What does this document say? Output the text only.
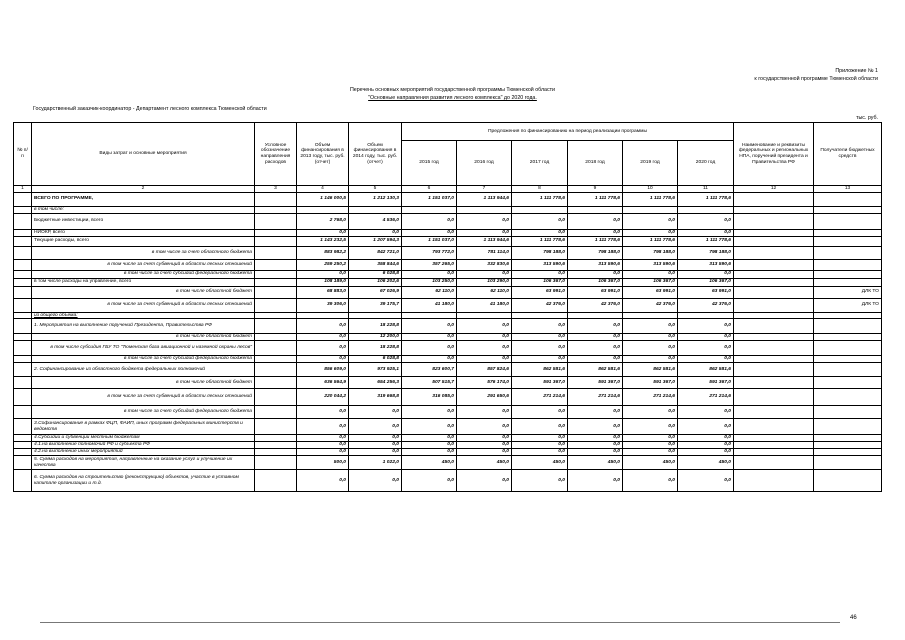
Приложение № 1
к государственной программе Тюменской области
Перечень основных мероприятий государственной программы Тюменской области
"Основные направления развития лесного комплекса" до 2020 года.
Государственный заказчик-координатор - Департамент лесного комплекса Тюменской области
тыс. руб.
№ п/п	Виды затрат и основные мероприятия	Условное обозначение направления расходов	Объем финансирования в 2013 году, тыс. руб. (отчет)	Объем финансирования в 2014 году, тыс. руб. (отчет)	Предложения по финансированию на период реализации программы						Наименование и реквизиты федеральных и региональных НПА, поручений президента и Правительства РФ	Получатели бюджетных средств
					2015 год	2016 год	2017 год	2018 год	2019 год	2020 год		
1	2	3	4	5	6	7	8	9	10	11	12	13
	ВСЕГО ПО ПРОГРАММЕ,		1 146 000,5	1 212 130,3	1 151 037,0	1 113 944,6	1 111 778,6	1 111 778,6	1 111 778,6	1 111 778,6		
	в том числе:											
	Бюджетные инвестиции, всего		2 768,0	4 536,0	0,0	0,0	0,0	0,0	0,0	0,0		
	НИОКР, всего		0,0	0,0	0,0	0,0	0,0	0,0	0,0	0,0		
	Текущие расходы, всего		1 143 232,5	1 207 594,3	1 151 037,0	1 113 944,6	1 111 778,6	1 111 778,6	1 111 778,6	1 111 778,6		
	в том числе за счет областного бюджета		883 982,2	842 721,0	793 772,0	781 114,0	798 188,0	798 188,0	798 188,0	798 188,0		
	в том числе за счет субвенций в области лесных отношений		259 250,2	358 844,6	357 265,0	332 830,6	313 590,6	313 590,6	313 590,6	313 590,6		
	в том числе за счет субсидий федерального бюджета		0,0	6 028,8	0,0	0,0	0,0	0,0	0,0	0,0		
	в том числе расходы на управление, всего		108 189,0	106 202,6	103 250,0	103 290,0	106 367,0	106 367,0	106 367,0	106 367,0		
	в том числе областной бюджет		68 883,0	67 026,9	62 110,0	62 110,0	63 991,0	63 991,0	63 991,0	63 991,0		ДЛК ТО
	в том числе за счет субвенций в области лесных отношений		39 306,0	39 175,7	41 180,0	41 180,0	42 376,0	42 376,0	42 376,0	42 376,0		ДЛК ТО
	из общего объема:											
	1. Мероприятия на выполнение поручений Президента, Правительства РФ		0,0	18 228,8	0,0	0,0	0,0	0,0	0,0	0,0		
	в том числе областной бюджет		0,0	12 200,0	0,0	0,0	0,0	0,0	0,0	0,0		
	в том числе субсидия ГБУ ТО "Тюменская база авиационной и наземной охраны лесов"		0,0	18 228,8	0,0	0,0	0,0	0,0	0,0	0,0		
	в том числе за счет субсидий федерального бюджета		0,0	6 028,8	0,0	0,0	0,0	0,0	0,0	0,0		
	2. Софинансирование из областного бюджета федеральных полномочий		856 609,0	973 925,1	823 600,7	857 824,6	862 581,6	862 581,6	862 581,6	862 581,6		
	в том числе областной бюджет		636 564,9	654 256,3	507 515,7	576 174,0	591 367,0	591 367,0	591 367,0	591 367,0		
	в том числе за счет субвенций в области лесных отношений		220 044,2	319 668,8	316 085,0	291 650,6	271 214,6	271 214,6	271 214,6	271 214,6		
	в том числе за счет субсидий федерального бюджета		0,0	0,0	0,0	0,0	0,0	0,0	0,0	0,0		
	3.Софинансирование в рамках ФЦП, ФАИП, иных программ федеральных министерств и ведомств		0,0	0,0	0,0	0,0	0,0	0,0	0,0	0,0		
	4.Субсидии и субвенции местным бюджетам		0,0	0,0	0,0	0,0	0,0	0,0	0,0	0,0		
	4.1.на выполнение полномочий РФ и субъекта РФ		0,0	0,0	0,0	0,0	0,0	0,0	0,0	0,0		
	4.2.на выполнение иных мероприятий		0,0	0,0	0,0	0,0	0,0	0,0	0,0	0,0		
	5. Сумма расходов на мероприятия, направленные на оказание услуг и улучшение их качества		500,0	1 022,0	450,0	450,0	450,0	450,0	450,0	450,0		
	6. Сумма расходов на строительство (реконструкцию) объектов, участие в уставном капитале организации и т.д.		0,0	0,0	0,0	0,0	0,0	0,0	0,0	0,0		
46
